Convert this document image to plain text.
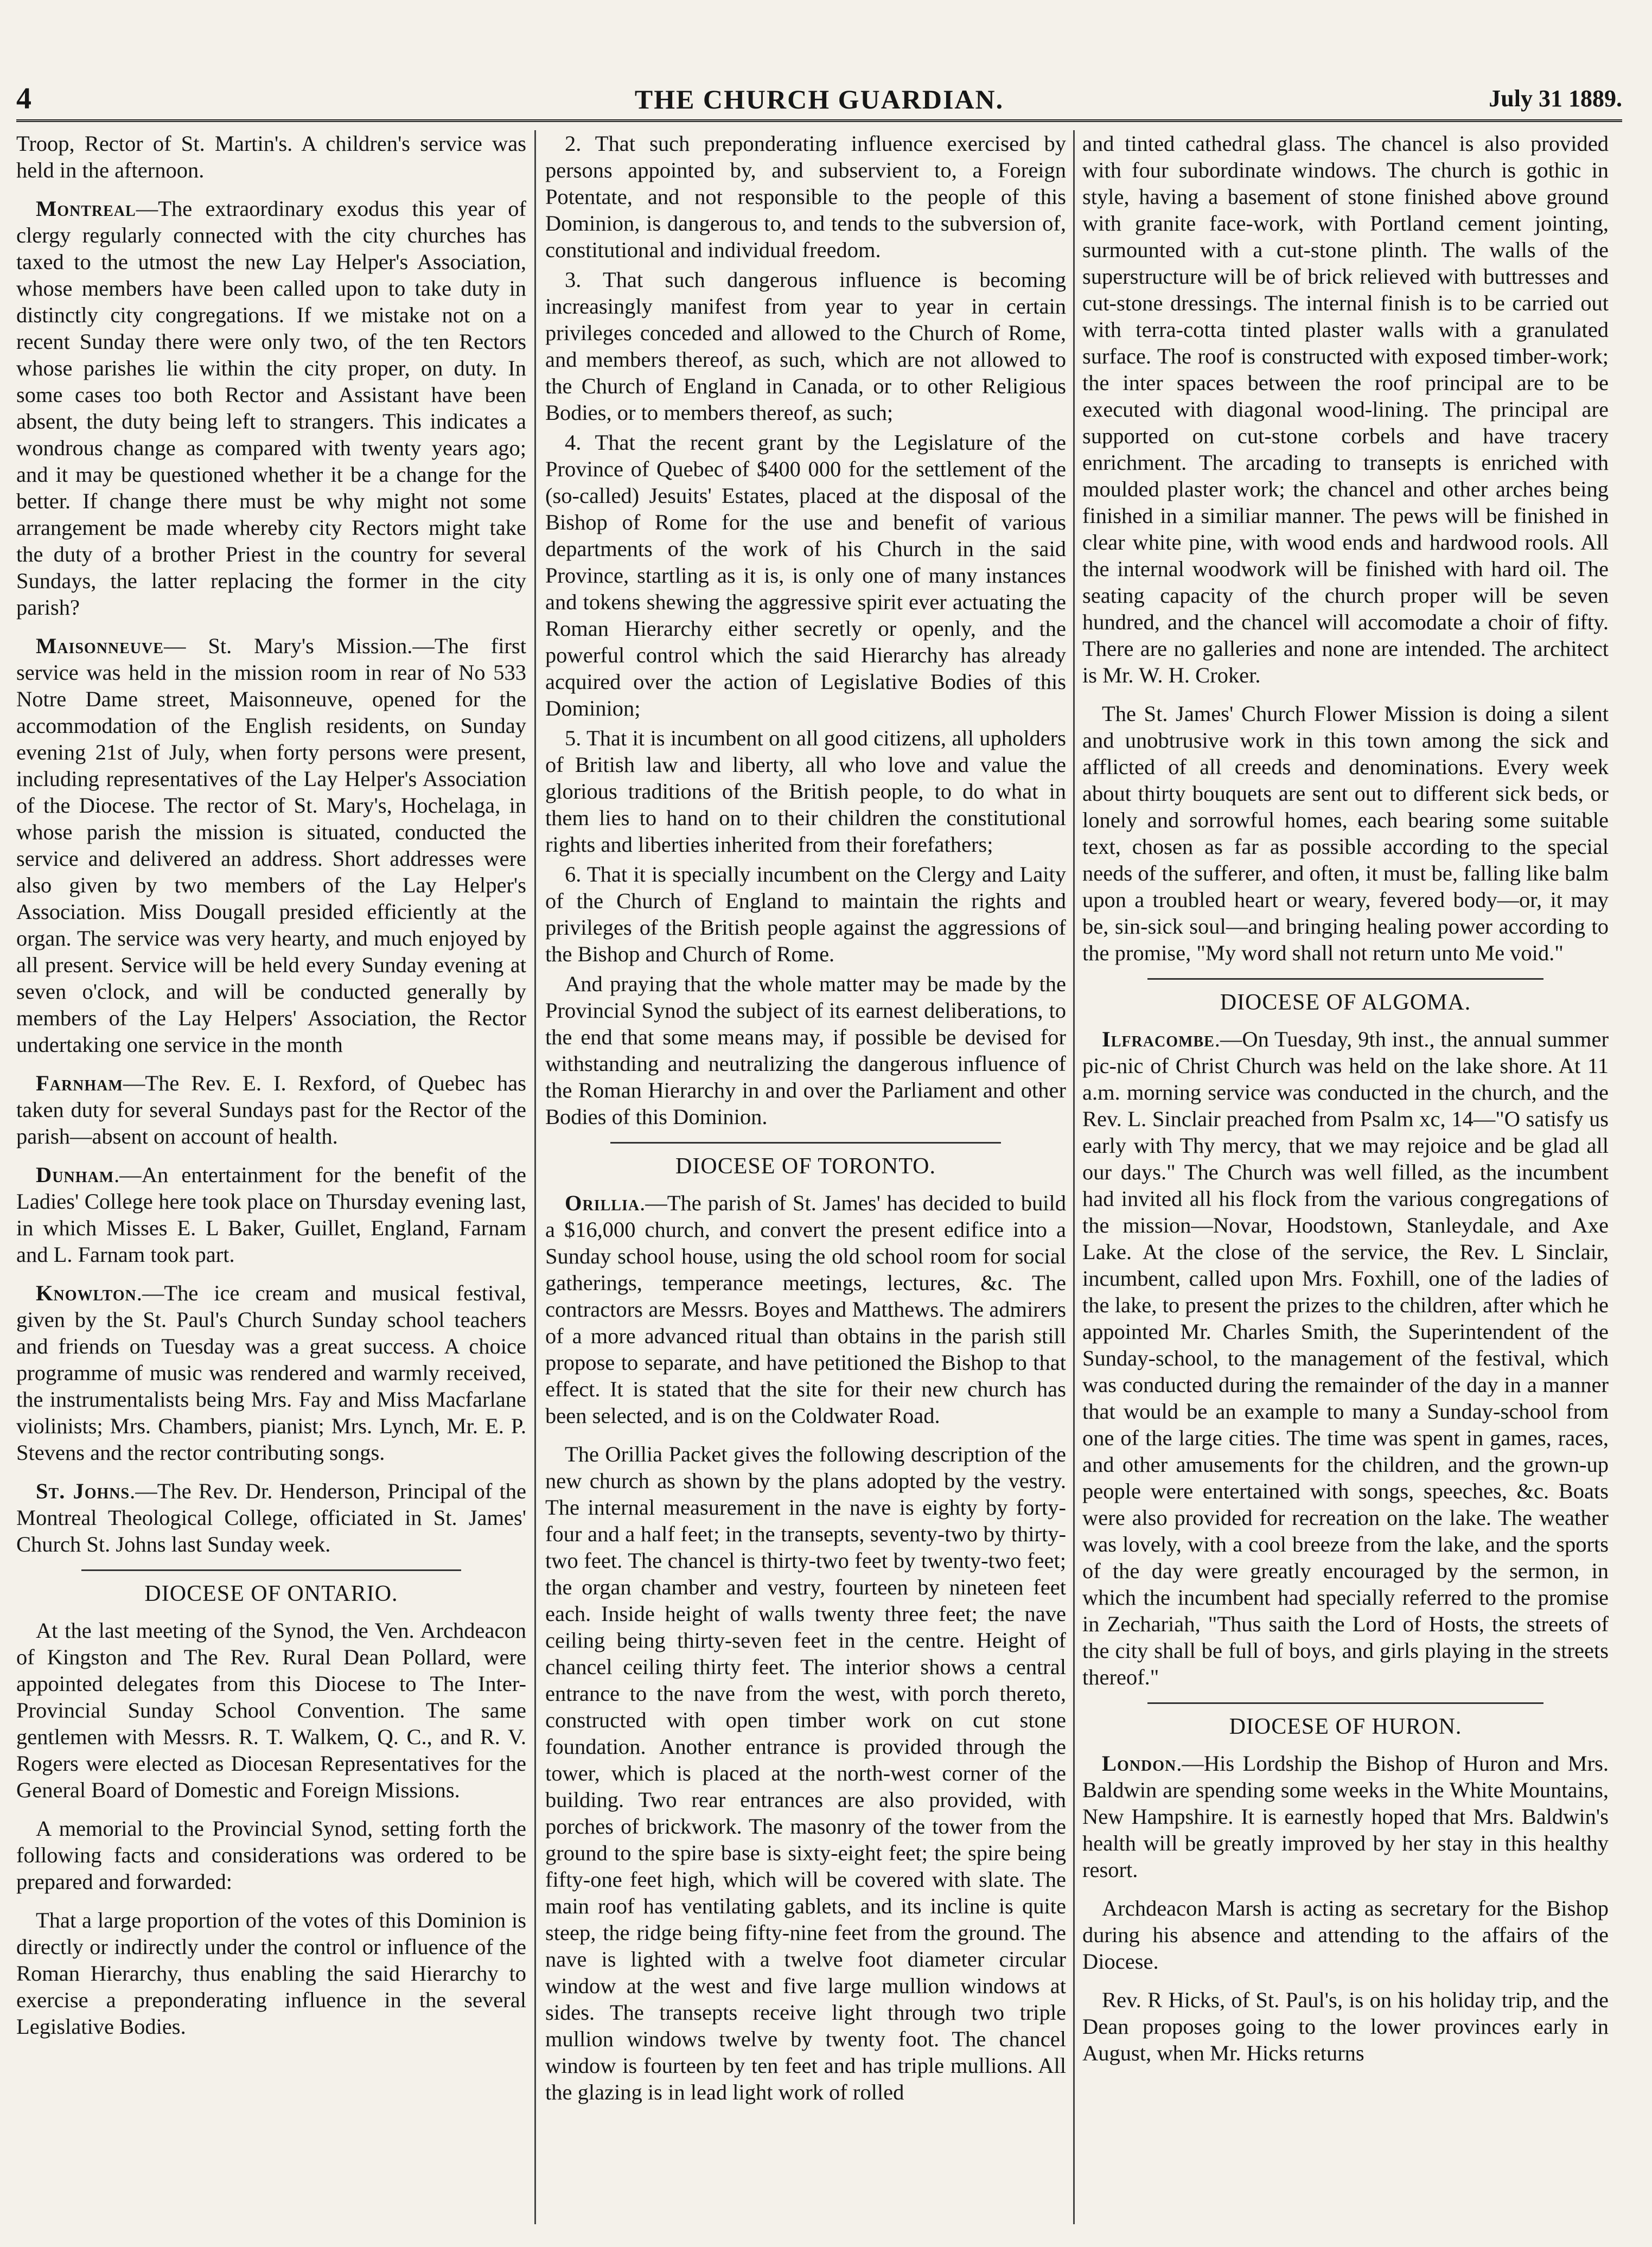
4	THE CHURCH GUARDIAN.	July 31 1889.

Troop, Rector of St. Martin's. A children's service was held in the afternoon.

Montreal—The extraordinary exodus this year of clergy regularly connected with the city churches has taxed to the utmost the new Lay Helper's Association, whose members have been called upon to take duty in distinctly city congregations. If we mistake not on a recent Sunday there were only two, of the ten Rectors whose parishes lie within the city proper, on duty. In some cases too both Rector and Assistant have been absent, the duty being left to strangers. This indicates a wondrous change as compared with twenty years ago; and it may be questioned whether it be a change for the better. If change there must be why might not some arrangement be made whereby city Rectors might take the duty of a brother Priest in the country for several Sundays, the latter replacing the former in the city parish?

Maisonneuve— St. Mary's Mission.—The first service was held in the mission room in rear of No 533 Notre Dame street, Maisonneuve, opened for the accommodation of the English residents, on Sunday evening 21st of July, when forty persons were present, including representatives of the Lay Helper's Association of the Diocese. The rector of St. Mary's, Hochelaga, in whose parish the mission is situated, conducted the service and delivered an address. Short addresses were also given by two members of the Lay Helper's Association. Miss Dougall presided efficiently at the organ. The service was very hearty, and much enjoyed by all present. Service will be held every Sunday evening at seven o'clock, and will be conducted generally by members of the Lay Helpers' Association, the Rector undertaking one service in the month

Farnham—The Rev. E. I. Rexford, of Quebec has taken duty for several Sundays past for the Rector of the parish—absent on account of health.

Dunham.—An entertainment for the benefit of the Ladies' College here took place on Thursday evening last, in which Misses E. L Baker, Guillet, England, Farnam and L. Farnam took part.

Knowlton.—The ice cream and musical festival, given by the St. Paul's Church Sunday school teachers and friends on Tuesday was a great success. A choice programme of music was rendered and warmly received, the instrumentalists being Mrs. Fay and Miss Macfarlane violinists; Mrs. Chambers, pianist; Mrs. Lynch, Mr. E. P. Stevens and the rector contributing songs.

St. Johns.—The Rev. Dr. Henderson, Principal of the Montreal Theological College, officiated in St. James' Church St. Johns last Sunday week.

DIOCESE OF ONTARIO.

At the last meeting of the Synod, the Ven. Archdeacon of Kingston and The Rev. Rural Dean Pollard, were appointed delegates from this Diocese to The Inter-Provincial Sunday School Convention. The same gentlemen with Messrs. R. T. Walkem, Q. C., and R. V. Rogers were elected as Diocesan Representatives for the General Board of Domestic and Foreign Missions.

A memorial to the Provincial Synod, setting forth the following facts and considerations was ordered to be prepared and forwarded:

That a large proportion of the votes of this Dominion is directly or indirectly under the control or influence of the Roman Hierarchy, thus enabling the said Hierarchy to exercise a preponderating influence in the several Legislative Bodies.

2. That such preponderating influence exercised by persons appointed by, and subservient to, a Foreign Potentate, and not responsible to the people of this Dominion, is dangerous to, and tends to the subversion of, constitutional and individual freedom.

3. That such dangerous influence is becoming increasingly manifest from year to year in certain privileges conceded and allowed to the Church of Rome, and members thereof, as such, which are not allowed to the Church of England in Canada, or to other Religious Bodies, or to members thereof, as such;

4. That the recent grant by the Legislature of the Province of Quebec of $400 000 for the settlement of the (so-called) Jesuits' Estates, placed at the disposal of the Bishop of Rome for the use and benefit of various departments of the work of his Church in the said Province, startling as it is, is only one of many instances and tokens shewing the aggressive spirit ever actuating the Roman Hierarchy either secretly or openly, and the powerful control which the said Hierarchy has already acquired over the action of Legislative Bodies of this Dominion;

5. That it is incumbent on all good citizens, all upholders of British law and liberty, all who love and value the glorious traditions of the British people, to do what in them lies to hand on to their children the constitutional rights and liberties inherited from their forefathers;

6. That it is specially incumbent on the Clergy and Laity of the Church of England to maintain the rights and privileges of the British people against the aggressions of the Bishop and Church of Rome.

And praying that the whole matter may be made by the Provincial Synod the subject of its earnest deliberations, to the end that some means may, if possible be devised for withstanding and neutralizing the dangerous influence of the Roman Hierarchy in and over the Parliament and other Bodies of this Dominion.

DIOCESE OF TORONTO.

Orillia.—The parish of St. James' has decided to build a $16,000 church, and convert the present edifice into a Sunday school house, using the old school room for social gatherings, temperance meetings, lectures, &c. The contractors are Messrs. Boyes and Matthews. The admirers of a more advanced ritual than obtains in the parish still propose to separate, and have petitioned the Bishop to that effect. It is stated that the site for their new church has been selected, and is on the Coldwater Road.

The Orillia Packet gives the following description of the new church as shown by the plans adopted by the vestry. The internal measurement in the nave is eighty by forty-four and a half feet; in the transepts, seventy-two by thirty-two feet. The chancel is thirty-two feet by twenty-two feet; the organ chamber and vestry, fourteen by nineteen feet each. Inside height of walls twenty three feet; the nave ceiling being thirty-seven feet in the centre. Height of chancel ceiling thirty feet. The interior shows a central entrance to the nave from the west, with porch thereto, constructed with open timber work on cut stone foundation. Another entrance is provided through the tower, which is placed at the north-west corner of the building. Two rear entrances are also provided, with porches of brickwork. The masonry of the tower from the ground to the spire base is sixty-eight feet; the spire being fifty-one feet high, which will be covered with slate. The main roof has ventilating gablets, and its incline is quite steep, the ridge being fifty-nine feet from the ground. The nave is lighted with a twelve foot diameter circular window at the west and five large mullion windows at sides. The transepts receive light through two triple mullion windows twelve by twenty foot. The chancel window is fourteen by ten feet and has triple mullions. All the glazing is in lead light work of rolled

and tinted cathedral glass. The chancel is also provided with four subordinate windows. The church is gothic in style, having a basement of stone finished above ground with granite face-work, with Portland cement jointing, surmounted with a cut-stone plinth. The walls of the superstructure will be of brick relieved with buttresses and cut-stone dressings. The internal finish is to be carried out with terra-cotta tinted plaster walls with a granulated surface. The roof is constructed with exposed timber-work; the inter spaces between the roof principal are to be executed with diagonal wood-lining. The principal are supported on cut-stone corbels and have tracery enrichment. The arcading to transepts is enriched with moulded plaster work; the chancel and other arches being finished in a similiar manner. The pews will be finished in clear white pine, with wood ends and hardwood rools. All the internal woodwork will be finished with hard oil. The seating capacity of the church proper will be seven hundred, and the chancel will accomodate a choir of fifty. There are no galleries and none are intended. The architect is Mr. W. H. Croker.

The St. James' Church Flower Mission is doing a silent and unobtrusive work in this town among the sick and afflicted of all creeds and denominations. Every week about thirty bouquets are sent out to different sick beds, or lonely and sorrowful homes, each bearing some suitable text, chosen as far as possible according to the special needs of the sufferer, and often, it must be, falling like balm upon a troubled heart or weary, fevered body—or, it may be, sin-sick soul—and bringing healing power according to the promise, "My word shall not return unto Me void."

DIOCESE OF ALGOMA.

Ilfracombe.—On Tuesday, 9th inst., the annual summer pic-nic of Christ Church was held on the lake shore. At 11 a.m. morning service was conducted in the church, and the Rev. L. Sinclair preached from Psalm xc, 14—"O satisfy us early with Thy mercy, that we may rejoice and be glad all our days." The Church was well filled, as the incumbent had invited all his flock from the various congregations of the mission—Novar, Hoodstown, Stanleydale, and Axe Lake. At the close of the service, the Rev. L Sinclair, incumbent, called upon Mrs. Foxhill, one of the ladies of the lake, to present the prizes to the children, after which he appointed Mr. Charles Smith, the Superintendent of the Sunday-school, to the management of the festival, which was conducted during the remainder of the day in a manner that would be an example to many a Sunday-school from one of the large cities. The time was spent in games, races, and other amusements for the children, and the grown-up people were entertained with songs, speeches, &c. Boats were also provided for recreation on the lake. The weather was lovely, with a cool breeze from the lake, and the sports of the day were greatly encouraged by the sermon, in which the incumbent had specially referred to the promise in Zechariah, "Thus saith the Lord of Hosts, the streets of the city shall be full of boys, and girls playing in the streets thereof."

DIOCESE OF HURON.

London.—His Lordship the Bishop of Huron and Mrs. Baldwin are spending some weeks in the White Mountains, New Hampshire. It is earnestly hoped that Mrs. Baldwin's health will be greatly improved by her stay in this healthy resort.

Archdeacon Marsh is acting as secretary for the Bishop during his absence and attending to the affairs of the Diocese.

Rev. R Hicks, of St. Paul's, is on his holiday trip, and the Dean proposes going to the lower provinces early in August, when Mr. Hicks returns
